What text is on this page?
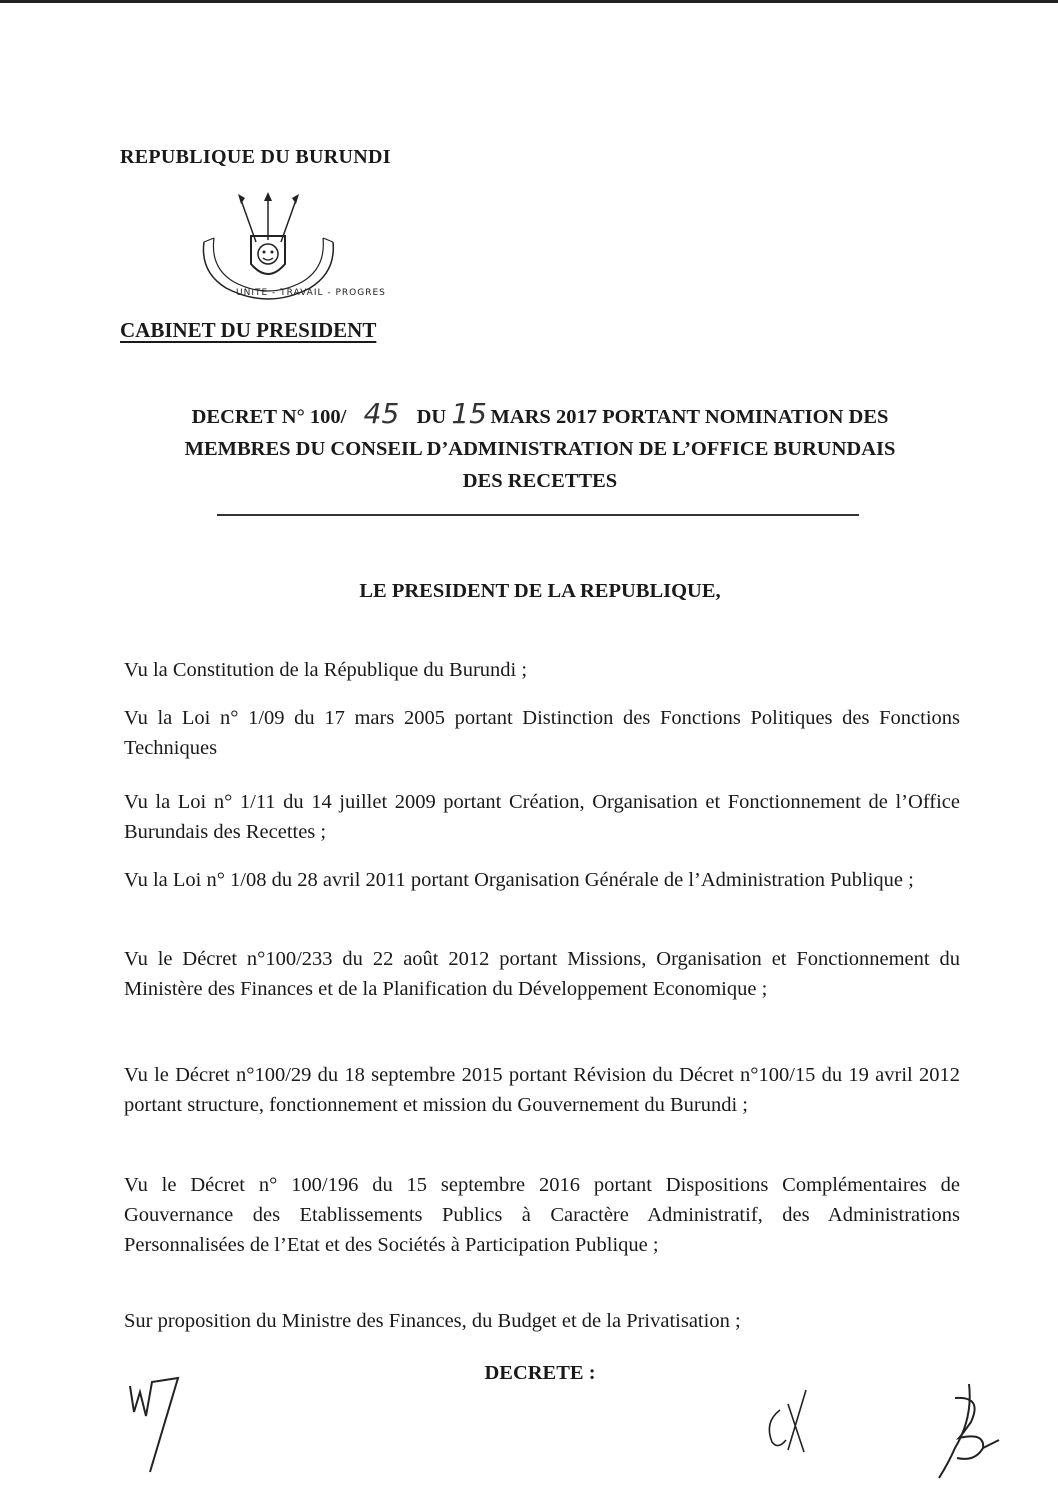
REPUBLIQUE DU BURUNDI
UNITE - TRAVAIL - PROGRES
CABINET DU PRESIDENT
DECRET N° 100/ 45 DU 15 MARS 2017 PORTANT NOMINATION DES
MEMBRES DU CONSEIL D’ADMINISTRATION DE L’OFFICE BURUNDAIS
DES RECETTES
LE PRESIDENT DE LA REPUBLIQUE,
Vu la Constitution de la République du Burundi ;
Vu la Loi n° 1/09 du 17 mars 2005 portant Distinction des Fonctions Politiques des Fonctions Techniques
Vu la Loi n° 1/11 du 14 juillet 2009 portant Création, Organisation et Fonctionnement de l’Office Burundais des Recettes ;
Vu la Loi n° 1/08 du 28 avril 2011 portant Organisation Générale de l’Administration Publique ;
Vu le Décret n°100/233 du 22 août 2012 portant Missions, Organisation et Fonctionnement du Ministère des Finances et de la Planification du Développement Economique ;
Vu le Décret n°100/29 du 18 septembre 2015 portant Révision du Décret n°100/15 du 19 avril 2012 portant structure, fonctionnement et mission du Gouvernement du Burundi ;
Vu le Décret n° 100/196 du 15 septembre 2016 portant Dispositions Complémentaires de Gouvernance des Etablissements Publics à Caractère Administratif, des Administrations Personnalisées de l’Etat et des Sociétés à Participation Publique ;
Sur proposition du Ministre des Finances, du Budget et de la Privatisation ;
DECRETE :
